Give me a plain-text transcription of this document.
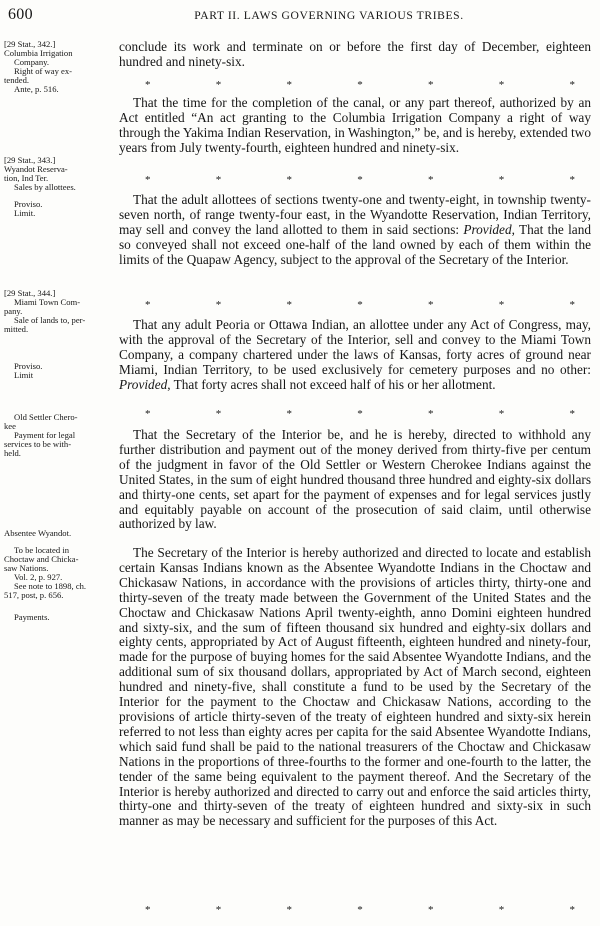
600	PART II. LAWS GOVERNING VARIOUS TRIBES.
[29 Stat., 342.]
Columbia Irrigation
Company.
Right of way ex-
tended.
Ante, p. 516.
[29 Stat., 343.]
Wyandot Reserva-
tion, Ind Ter.
Sales by allottees.
Proviso.
Limit.
[29 Stat., 344.]
Miami Town Com-
pany.
Sale of lands to, per-
mitted.
Proviso.
Limit
Old Settler Chero-
kee
Payment for legal
services to be with-
held.
Absentee Wyandot.
To be located in
Choctaw and Chicka-
saw Nations.
Vol. 2, p. 927.
See note to 1898, ch.
517, post, p. 656.
Payments.

conclude its work and terminate on or before the first day of December, eighteen hundred and ninety-six.

*	*	*	*	*	*	*

That the time for the completion of the canal, or any part thereof, authorized by an Act entitled “An act granting to the Columbia Irrigation Company a right of way through the Yakima Indian Reservation, in Washington,” be, and is hereby, extended two years from July twenty-fourth, eighteen hundred and ninety-six.

*	*	*	*	*	*	*

That the adult allottees of sections twenty-one and twenty-eight, in township twenty-seven north, of range twenty-four east, in the Wyandotte Reservation, Indian Territory, may sell and convey the land allotted to them in said sections: Provided, That the land so conveyed shall not exceed one-half of the land owned by each of them within the limits of the Quapaw Agency, subject to the approval of the Secretary of the Interior.

*	*	*	*	*	*	*

That any adult Peoria or Ottawa Indian, an allottee under any Act of Congress, may, with the approval of the Secretary of the Interior, sell and convey to the Miami Town Company, a company chartered under the laws of Kansas, forty acres of ground near Miami, Indian Territory, to be used exclusively for cemetery purposes and no other: Provided, That forty acres shall not exceed half of his or her allotment.

*	*	*	*	*	*	*

That the Secretary of the Interior be, and he is hereby, directed to withhold any further distribution and payment out of the money derived from thirty-five per centum of the judgment in favor of the Old Settler or Western Cherokee Indians against the United States, in the sum of eight hundred thousand three hundred and eighty-six dollars and thirty-one cents, set apart for the payment of expenses and for legal services justly and equitably payable on account of the prosecution of said claim, until otherwise authorized by law.

The Secretary of the Interior is hereby authorized and directed to locate and establish certain Kansas Indians known as the Absentee Wyandotte Indians in the Choctaw and Chickasaw Nations, in accordance with the provisions of articles thirty, thirty-one and thirty-seven of the treaty made between the Government of the United States and the Choctaw and Chickasaw Nations April twenty-eighth, anno Domini eighteen hundred and sixty-six, and the sum of fifteen thousand six hundred and eighty-six dollars and eighty cents, appropriated by Act of August fifteenth, eighteen hundred and ninety-four, made for the purpose of buying homes for the said Absentee Wyandotte Indians, and the additional sum of six thousand dollars, appropriated by Act of March second, eighteen hundred and ninety-five, shall constitute a fund to be used by the Secretary of the Interior for the payment to the Choctaw and Chickasaw Nations, according to the provisions of article thirty-seven of the treaty of eighteen hundred and sixty-six herein referred to not less than eighty acres per capita for the said Absentee Wyandotte Indians, which said fund shall be paid to the national treasurers of the Choctaw and Chickasaw Nations in the proportions of three-fourths to the former and one-fourth to the latter, the tender of the same being equivalent to the payment thereof. And the Secretary of the Interior is hereby authorized and directed to carry out and enforce the said articles thirty, thirty-one and thirty-seven of the treaty of eighteen hundred and sixty-six in such manner as may be necessary and sufficient for the purposes of this Act.

*	*	*	*	*	*	*
